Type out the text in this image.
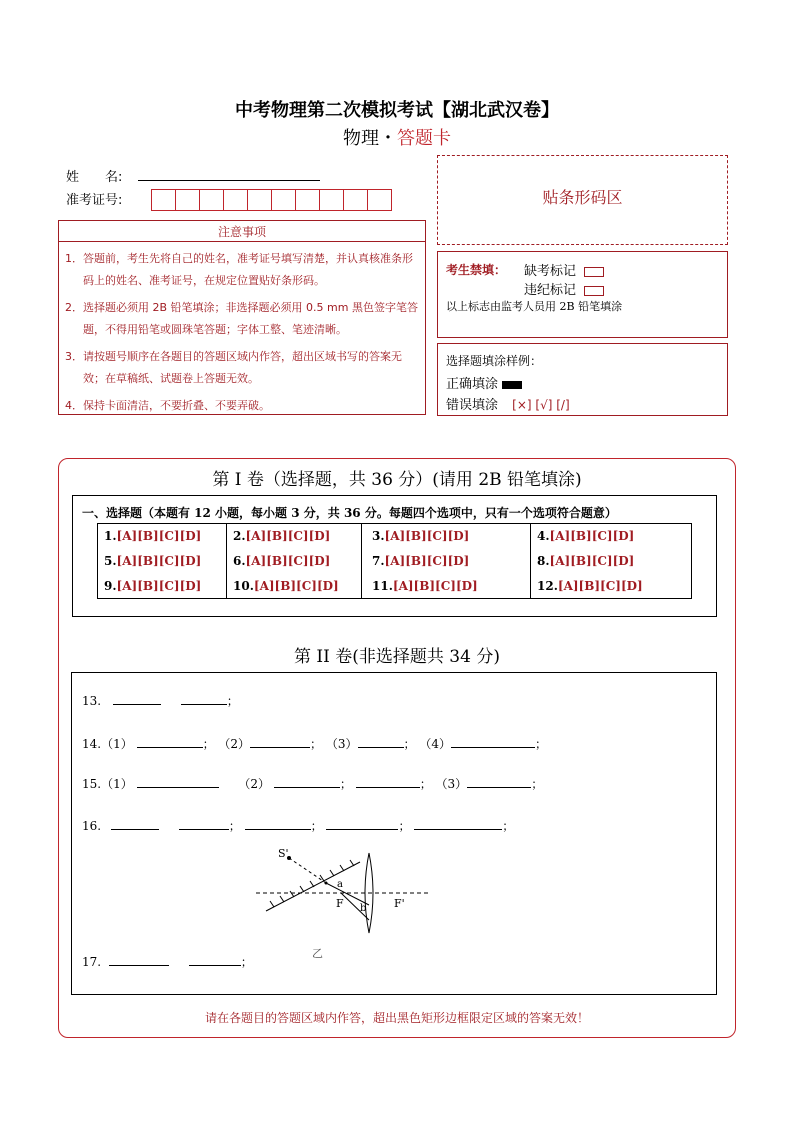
中考物理第二次模拟考试【湖北武汉卷】
物理・答题卡
姓　　名:
准考证号:
注意事项

1．答题前，考生先将自己的姓名，准考证号填写清楚，并认真核准条形码上的姓名、准考证号，在规定位置贴好条形码。

2．选择题必须用 2B 铅笔填涂；非选择题必须用 0.5 mm 黑色签字笔答题，不得用铅笔或圆珠笔答题；字体工整、笔迹清晰。

3．请按题号顺序在各题目的答题区域内作答，超出区域书写的答案无效；在草稿纸、试题卷上答题无效。

4．保持卡面清洁，不要折叠、不要弄破。

贴条形码区
考生禁填： 缺考标记
违纪标记
以上标志由监考人员用 2B 铅笔填涂
选择题填涂样例：
正确填涂
错误填涂 [×] [√] [/]
第 I 卷（选择题，共 36 分）(请用 2B 铅笔填涂)
一、选择题（本题有 12 小题，每小题 3 分，共 36 分。每题四个选项中，只有一个选项符合题意）
1.[A][B][C][D]	2.[A][B][C][D]	3.[A][B][C][D]	4.[A][B][C][D]
5.[A][B][C][D]	6.[A][B][C][D]	7.[A][B][C][D]	8.[A][B][C][D]
9.[A][B][C][D]	10.[A][B][C][D]	11.[A][B][C][D]	12.[A][B][C][D]
第 II 卷(非选择题共 34 分)
13.	；
14.（1）	； （2）	； （3）	； （4）	；
15.（1）	（2）	；	； （3）	；
16.	；	；	；	；
S'
a
b
F	F'
乙
17.	；
请在各题目的答题区域内作答，超出黑色矩形边框限定区域的答案无效！
